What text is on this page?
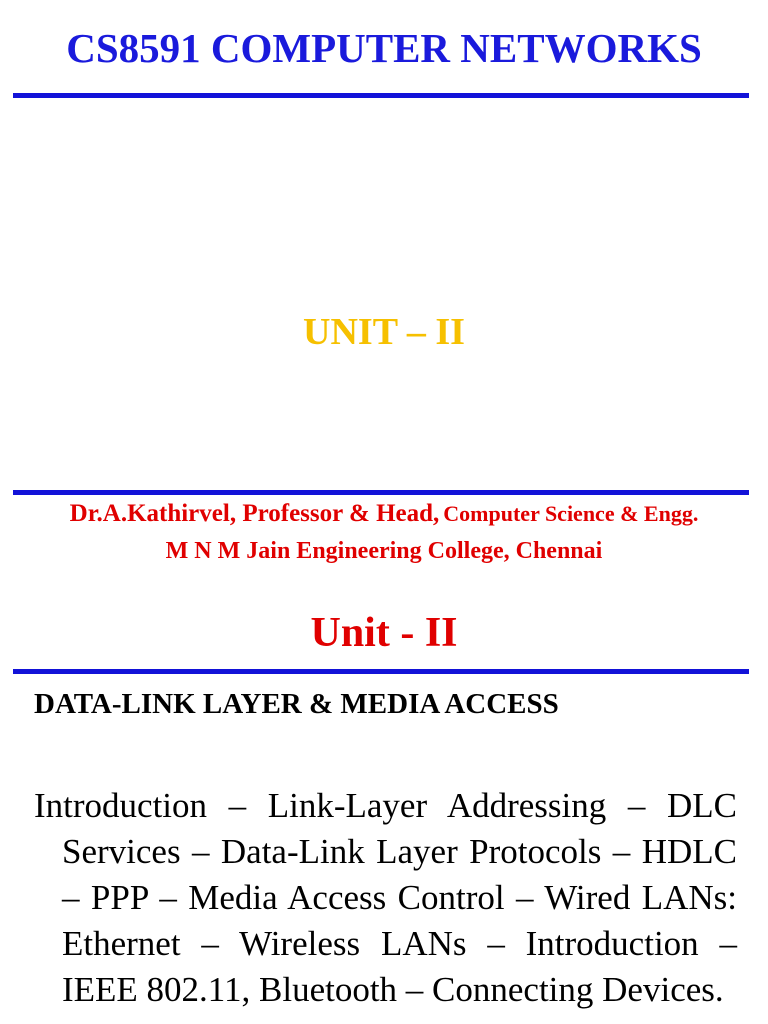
CS8591 COMPUTER NETWORKS
UNIT – II
Dr.A.Kathirvel, Professor & Head, Computer Science & Engg.
M N M Jain Engineering College, Chennai
Unit - II
DATA-LINK LAYER & MEDIA ACCESS
Introduction – Link-Layer Addressing – DLC Services – Data-Link Layer Protocols – HDLC – PPP – Media Access Control – Wired LANs: Ethernet – Wireless LANs – Introduction – IEEE 802.11, Bluetooth – Connecting Devices.
